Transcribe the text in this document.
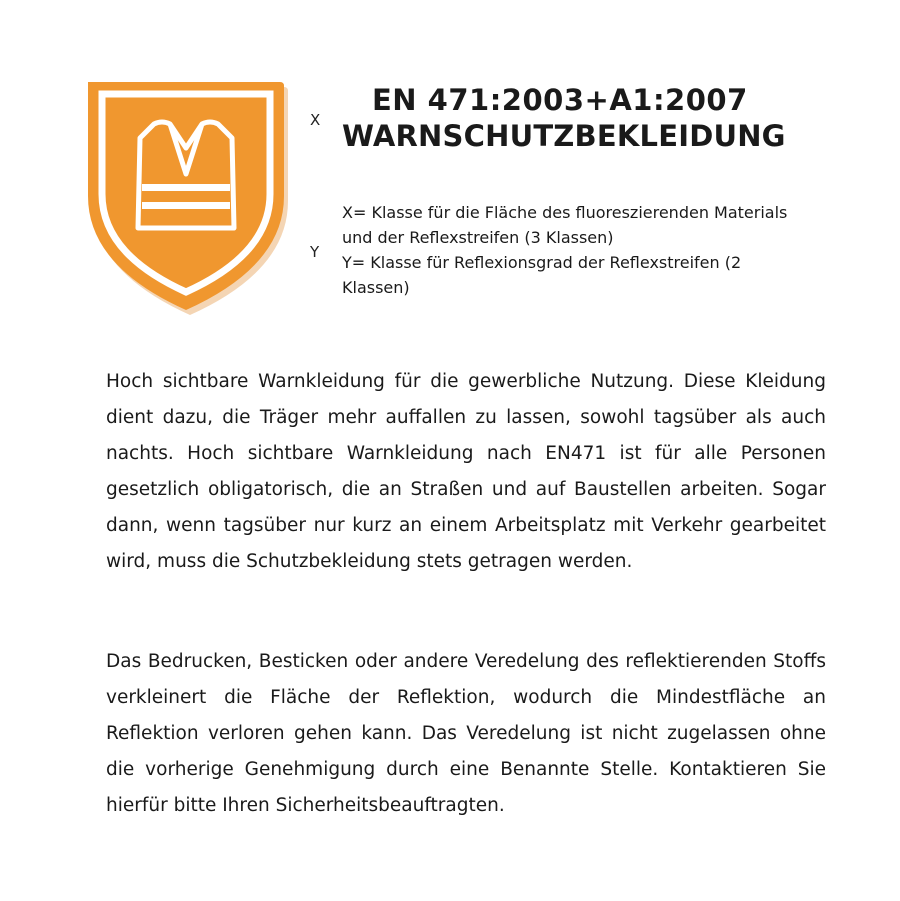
X
Y
EN 471:2003+A1:2007
WARNSCHUTZBEKLEIDUNG

X= Klasse für die Fläche des fluoreszierenden Materials und der Reflexstreifen (3 Klassen)

Y= Klasse für Reflexionsgrad der Reflexstreifen (2 Klassen)

Hoch sichtbare Warnkleidung für die gewerbliche Nutzung. Diese Kleidung dient dazu, die Träger mehr auffallen zu lassen, sowohl tagsüber als auch nachts. Hoch sichtbare Warnkleidung nach EN471 ist für alle Personen gesetzlich obligatorisch, die an Straßen und auf Baustellen arbeiten. Sogar dann, wenn tagsüber nur kurz an einem Arbeitsplatz mit Verkehr gearbeitet wird, muss die Schutzbekleidung stets getragen werden.
Das Bedrucken, Besticken oder andere Veredelung des reflektierenden Stoffs verkleinert die Fläche der Reflektion, wodurch die Mindestfläche an Reflektion verloren gehen kann. Das Veredelung ist nicht zugelassen ohne die vorherige Genehmigung durch eine Benannte Stelle. Kontaktieren Sie hierfür bitte Ihren Sicherheitsbeauftragten.
